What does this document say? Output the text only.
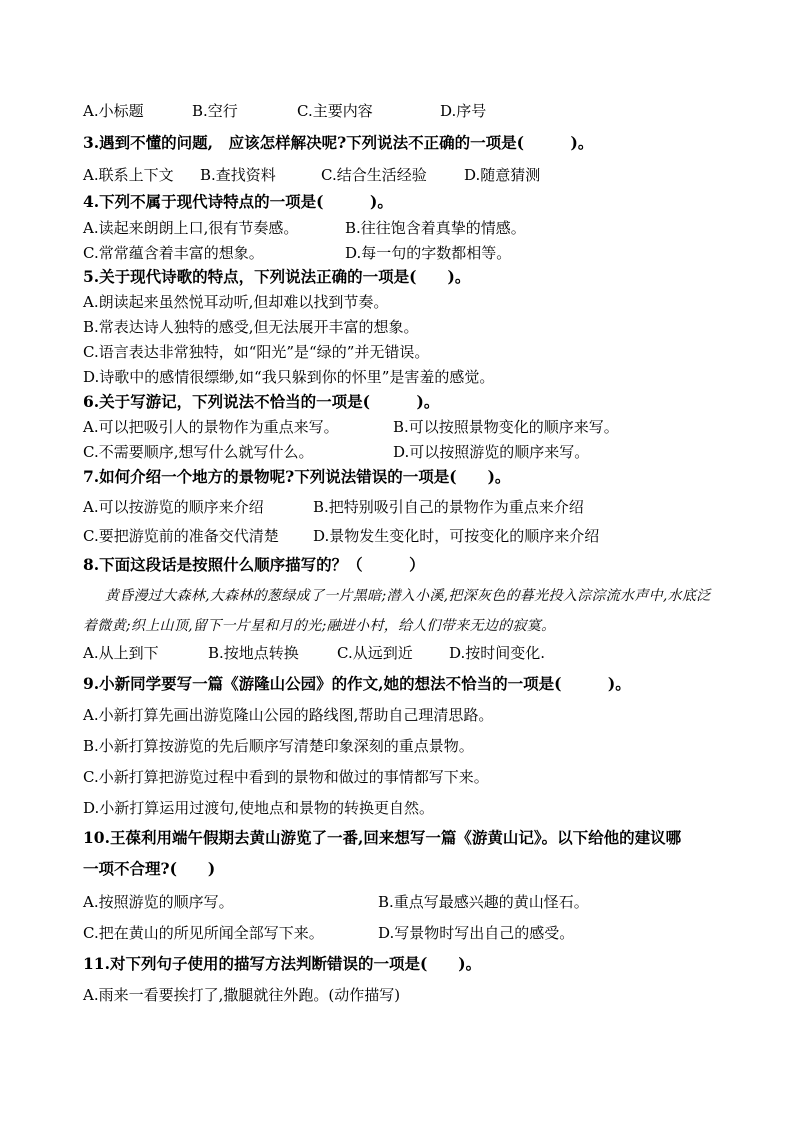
A.小标题	B.空行	C.主要内容	D.序号
3.遇到不懂的问题,　应该怎样解决呢?下列说法不正确的一项是(　　　)。
A.联系上下文 B.查找资料	C.结合生活经验 D.随意猜测
4.下列不属于现代诗特点的一项是(　　　)。
A.读起来朗朗上口,很有节奏感。	B.往往饱含着真挚的情感。
C.常常蕴含着丰富的想象。	D.每一句的字数都相等。
5.关于现代诗歌的特点，下列说法正确的一项是(　　)。
A.朗读起来虽然悦耳动听,但却难以找到节奏。
B.常表达诗人独特的感受,但无法展开丰富的想象。
C.语言表达非常独特，如“阳光”是“绿的”并无错误。
D.诗歌中的感情很缥缈,如“我只躲到你的怀里”是害羞的感觉。
6.关于写游记，下列说法不恰当的一项是(　　　)。
A.可以把吸引人的景物作为重点来写。	B.可以按照景物变化的顺序来写。
C.不需要顺序,想写什么就写什么。	D.可以按照游览的顺序来写。
7.如何介绍一个地方的景物呢?下列说法错误的一项是(　　)。
A.可以按游览的顺序来介绍	B.把特别吸引自己的景物作为重点来介绍
C.要把游览前的准备交代清楚 D.景物发生变化时，可按变化的顺序来介绍
8.下面这段话是按照什么顺序描写的？（　　　）
黄昏漫过大森林,大森林的葱绿成了一片黑暗;潜入小溪,把深灰色的暮光投入淙淙流水声中,水底泛着微黄;织上山顶,留下一片星和月的光;融进小村，给人们带来无边的寂寞。
A.从上到下	B.按地点转换	C.从远到近 D.按时间变化.
9.小新同学要写一篇《游隆山公园》的作文,她的想法不恰当的一项是(　　　)。
A.小新打算先画出游览隆山公园的路线图,帮助自己理清思路。
B.小新打算按游览的先后顺序写清楚印象深刻的重点景物。
C.小新打算把游览过程中看到的景物和做过的事情都写下来。
D.小新打算运用过渡句,使地点和景物的转换更自然。
10.王葆利用端午假期去黄山游览了一番,回来想写一篇《游黄山记》。以下给他的建议哪
一项不合理?(　　)
A.按照游览的顺序写。	B.重点写最感兴趣的黄山怪石。
C.把在黄山的所见所闻全部写下来。	D.写景物时写出自己的感受。
11.对下列句子使用的描写方法判断错误的一项是(　　)。
A.雨来一看要挨打了,撒腿就往外跑。(动作描写)
